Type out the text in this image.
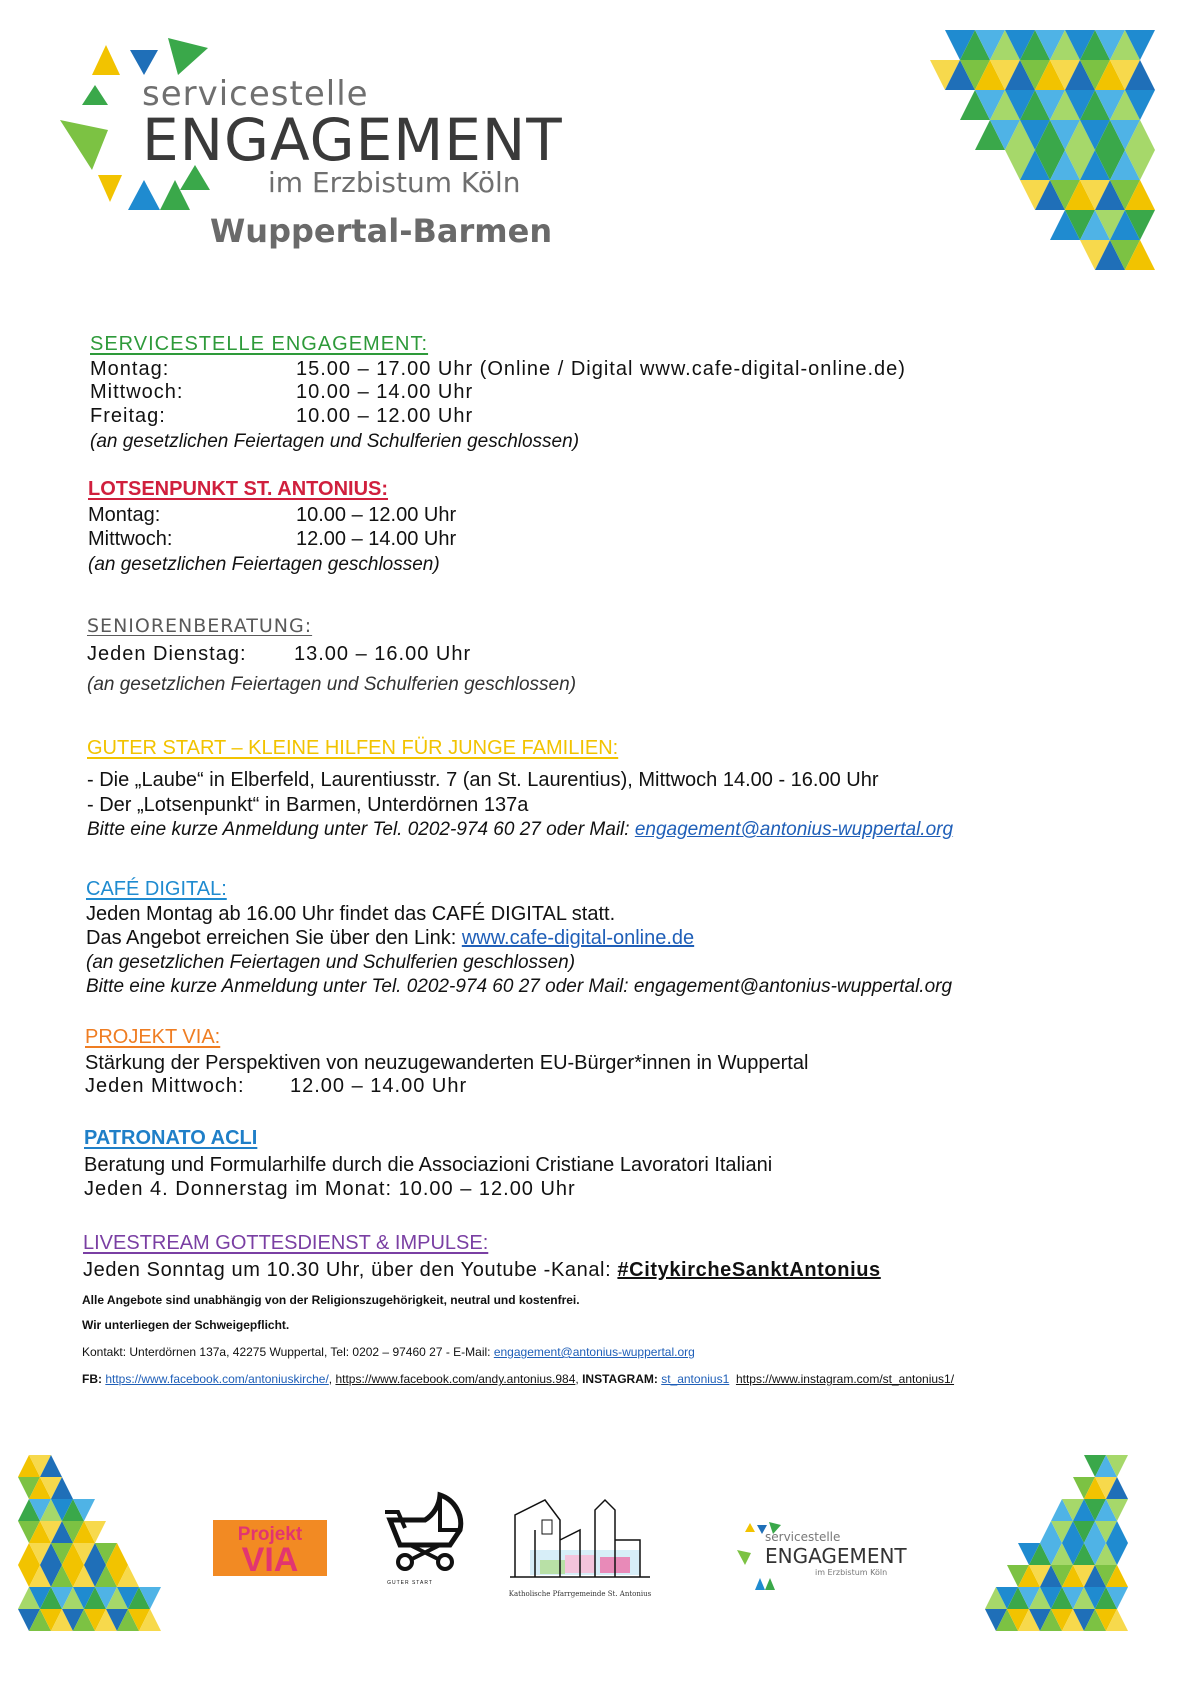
servicestelle
ENGAGEMENT
im Erzbistum Köln
Wuppertal-Barmen
SERVICESTELLE ENGAGEMENT:
Montag:	15.00 – 17.00 Uhr (Online / Digital www.cafe-digital-online.de)
Mittwoch:	10.00 – 14.00 Uhr
Freitag:	10.00 – 12.00 Uhr
(an gesetzlichen Feiertagen und Schulferien geschlossen)
LOTSENPUNKT ST. ANTONIUS:
Montag:	10.00 – 12.00 Uhr
Mittwoch:	12.00 – 14.00 Uhr
(an gesetzlichen Feiertagen geschlossen)
SENIORENBERATUNG:
Jeden Dienstag: 13.00 – 16.00 Uhr
(an gesetzlichen Feiertagen und Schulferien geschlossen)
GUTER START – KLEINE HILFEN FÜR JUNGE FAMILIEN:
- Die „Laube“ in Elberfeld, Laurentiusstr. 7 (an St. Laurentius), Mittwoch 14.00 - 16.00 Uhr
- Der „Lotsenpunkt“ in Barmen, Unterdörnen 137a
Bitte eine kurze Anmeldung unter Tel. 0202-974 60 27 oder Mail: engagement@antonius-wuppertal.org
CAFÉ DIGITAL:
Jeden Montag ab 16.00 Uhr findet das CAFÉ DIGITAL statt.
Das Angebot erreichen Sie über den Link: www.cafe-digital-online.de
(an gesetzlichen Feiertagen und Schulferien geschlossen)
Bitte eine kurze Anmeldung unter Tel. 0202-974 60 27 oder Mail: engagement@antonius-wuppertal.org
PROJEKT VIA:
Stärkung der Perspektiven von neuzugewanderten EU-Bürger*innen in Wuppertal
Jeden Mittwoch: 12.00 – 14.00 Uhr
PATRONATO ACLI
Beratung und Formularhilfe durch die Associazioni Cristiane Lavoratori Italiani
Jeden 4. Donnerstag im Monat: 10.00 – 12.00 Uhr
LIVESTREAM GOTTESDIENST & IMPULSE:
Jeden Sonntag um 10.30 Uhr, über den Youtube -Kanal: #CitykircheSanktAntonius
Alle Angebote sind unabhängig von der Religionszugehörigkeit, neutral und kostenfrei.
Wir unterliegen der Schweigepflicht.
Kontakt: Unterdörnen 137a, 42275 Wuppertal, Tel: 0202 – 97460 27 - E-Mail: engagement@antonius-wuppertal.org
FB: https://www.facebook.com/antoniuskirche/, https://www.facebook.com/andy.antonius.984, INSTAGRAM: st_antonius1 https://www.instagram.com/st_antonius1/
Projekt
VIA
GUTER START
Katholische Pfarrgemeinde St. Antonius
servicestelle
ENGAGEMENT
im Erzbistum Köln
